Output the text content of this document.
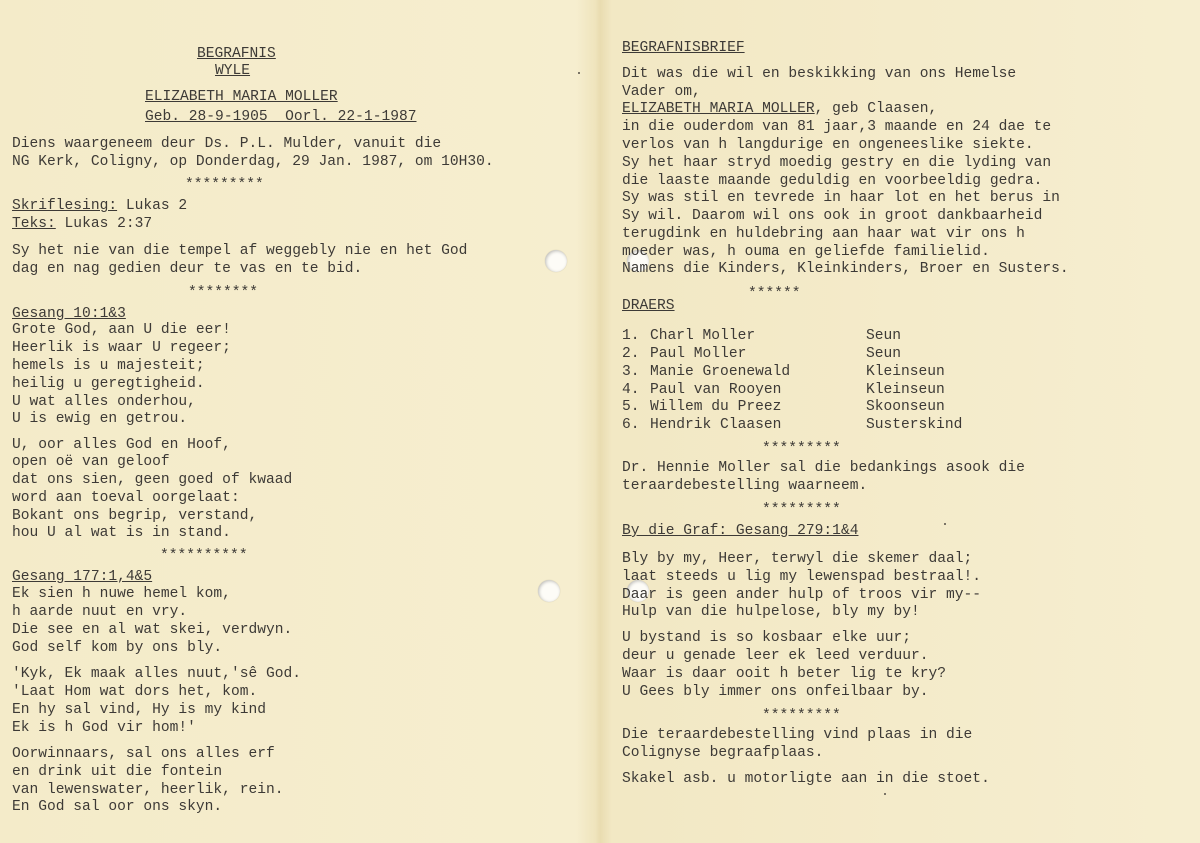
BEGRAFNIS
WYLE
ELIZABETH MARIA MOLLER
Geb. 28-9-1905  Oorl. 22-1-1987
Diens waargeneem deur Ds. P.L. Mulder, vanuit die
NG Kerk, Coligny, op Donderdag, 29 Jan. 1987, om 10H30.
*********
Skriflesing: Lukas 2
Teks: Lukas 2:37
Sy het nie van die tempel af weggebly nie en het God
dag en nag gedien deur te vas en te bid.
********
Gesang 10:1&3
Grote God, aan U die eer!
Heerlik is waar U regeer;
hemels is u majesteit;
heilig u geregtigheid.
U wat alles onderhou,
U is ewig en getrou.
U, oor alles God en Hoof,
open oë van geloof
dat ons sien, geen goed of kwaad
word aan toeval oorgelaat:
Bokant ons begrip, verstand,
hou U al wat is in stand.
**********
Gesang 177:1,4&5
Ek sien h nuwe hemel kom,
h aarde nuut en vry.
Die see en al wat skei, verdwyn.
God self kom by ons bly.
'Kyk, Ek maak alles nuut,'sê God.
'Laat Hom wat dors het, kom.
En hy sal vind, Hy is my kind
Ek is h God vir hom!'
Oorwinnaars, sal ons alles erf
en drink uit die fontein
van lewenswater, heerlik, rein.
En God sal oor ons skyn.
BEGRAFNISBRIEF
Dit was die wil en beskikking van ons Hemelse
Vader om,
ELIZABETH MARIA MOLLER, geb Claasen,
in die ouderdom van 81 jaar,3 maande en 24 dae te
verlos van h langdurige en ongeneeslike siekte.
Sy het haar stryd moedig gestry en die lyding van
die laaste maande geduldig en voorbeeldig gedra.
Sy was stil en tevrede in haar lot en het berus in
Sy wil. Daarom wil ons ook in groot dankbaarheid
terugdink en huldebring aan haar wat vir ons h
moeder was, h ouma en geliefde familielid.
Namens die Kinders, Kleinkinders, Broer en Susters.
******
DRAERS
1. Charl Moller	Seun
2. Paul Moller	Seun
3. Manie Groenewald	Kleinseun
4. Paul van Rooyen	Kleinseun
5. Willem du Preez	Skoonseun
6. Hendrik Claasen	Susterskind
*********
Dr. Hennie Moller sal die bedankings asook die
teraardebestelling waarneem.
*********
By die Graf: Gesang 279:1&4
Bly by my, Heer, terwyl die skemer daal;
laat steeds u lig my lewenspad bestraal!.
Daar is geen ander hulp of troos vir my--
Hulp van die hulpelose, bly my by!
U bystand is so kosbaar elke uur;
deur u genade leer ek leed verduur.
Waar is daar ooit h beter lig te kry?
U Gees bly immer ons onfeilbaar by.
*********
Die teraardebestelling vind plaas in die
Colignyse begraafplaas.
Skakel asb. u motorligte aan in die stoet.
